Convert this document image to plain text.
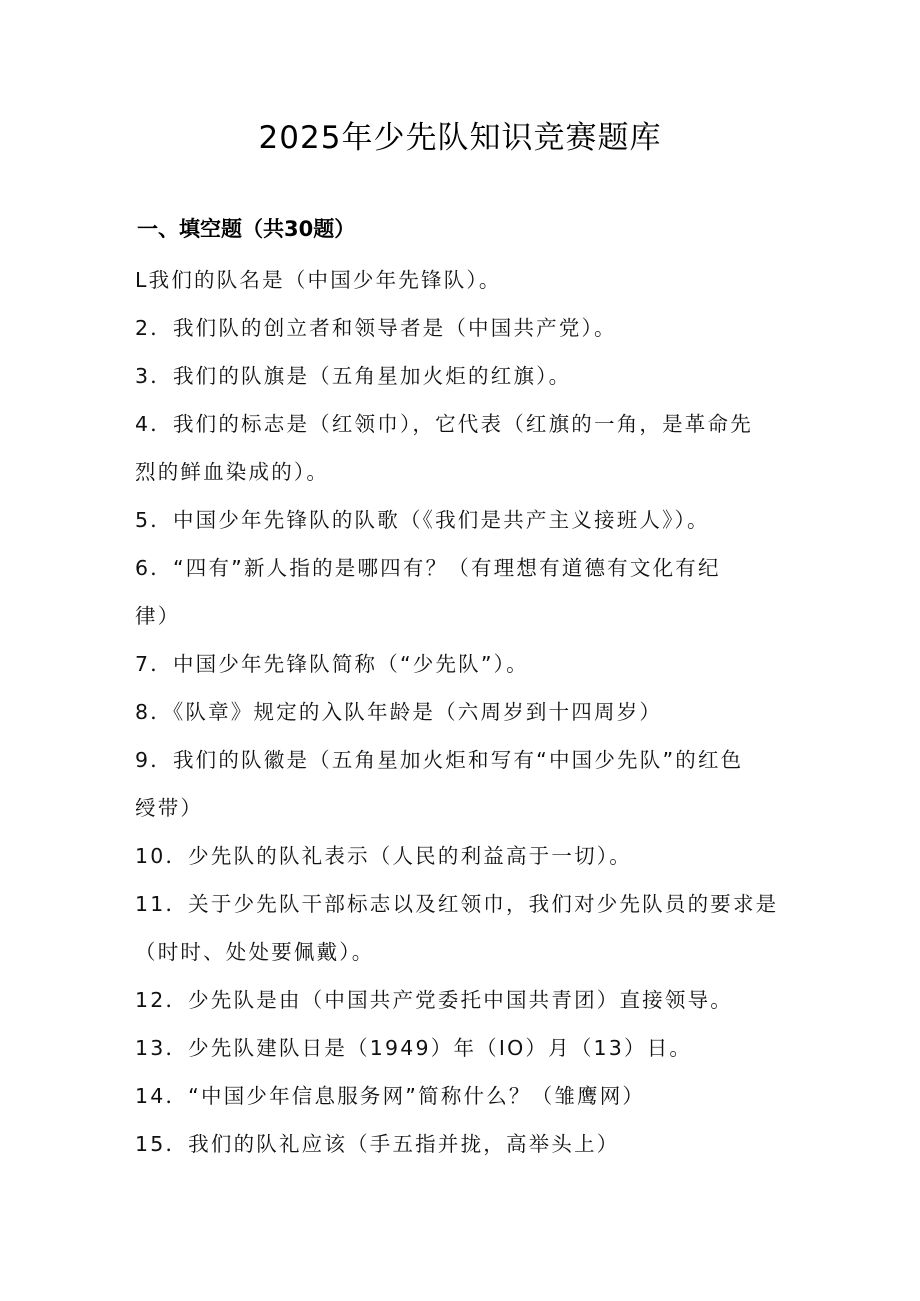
2025年少先队知识竞赛题库
一、填空题（共30题）
L我们的队名是（中国少年先锋队）。
2．我们队的创立者和领导者是（中国共产党）。
3．我们的队旗是（五角星加火炬的红旗）。
4．我们的标志是（红领巾），它代表（红旗的一角，是革命先
烈的鲜血染成的）。
5．中国少年先锋队的队歌（《我们是共产主义接班人》）。
6．“四有”新人指的是哪四有？（有理想有道德有文化有纪
律）
7．中国少年先锋队简称（“少先队”）。
8．《队章》规定的入队年龄是（六周岁到十四周岁）
9．我们的队徽是（五角星加火炬和写有“中国少先队”的红色
绶带）
10．少先队的队礼表示（人民的利益高于一切）。
11．关于少先队干部标志以及红领巾，我们对少先队员的要求是
（时时、处处要佩戴）。
12．少先队是由（中国共产党委托中国共青团）直接领导。
13．少先队建队日是（1949）年（IO）月（13）日。
14．“中国少年信息服务网”简称什么？（雏鹰网）
15．我们的队礼应该（手五指并拢，高举头上）
